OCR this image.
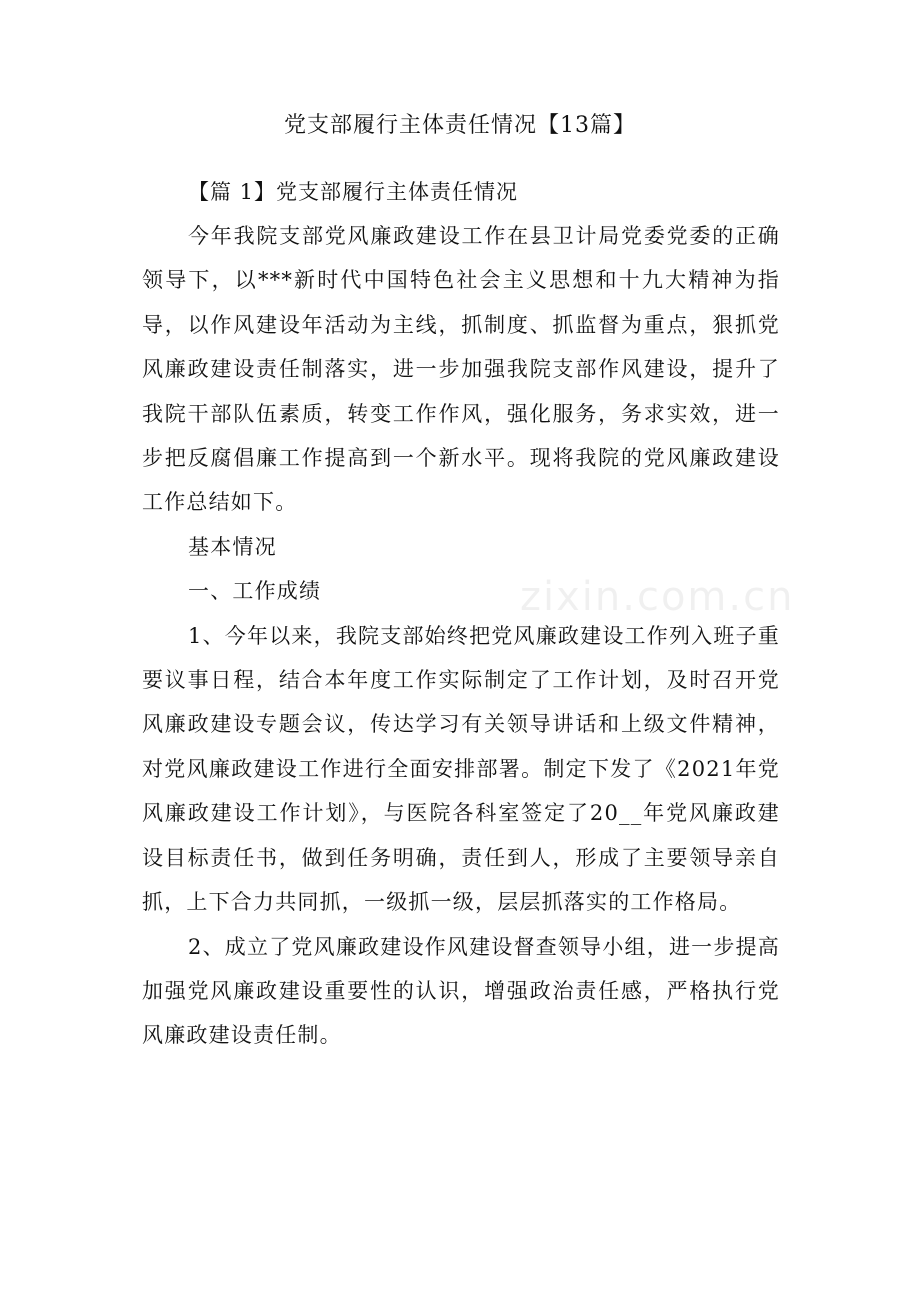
zixin.com.cn
党支部履行主体责任情况【13篇】
【篇 1】党支部履行主体责任情况

今年我院支部党风廉政建设工作在县卫计局党委党委的正确领导下，以***新时代中国特色社会主义思想和十九大精神为指导，以作风建设年活动为主线，抓制度、抓监督为重点，狠抓党风廉政建设责任制落实，进一步加强我院支部作风建设，提升了我院干部队伍素质，转变工作作风，强化服务，务求实效，进一步把反腐倡廉工作提高到一个新水平。现将我院的党风廉政建设工作总结如下。

基本情况

一、工作成绩

1、今年以来，我院支部始终把党风廉政建设工作列入班子重要议事日程，结合本年度工作实际制定了工作计划，及时召开党风廉政建设专题会议，传达学习有关领导讲话和上级文件精神，对党风廉政建设工作进行全面安排部署。制定下发了《2021年党风廉政建设工作计划》，与医院各科室签定了20__年党风廉政建设目标责任书，做到任务明确，责任到人，形成了主要领导亲自抓，上下合力共同抓，一级抓一级，层层抓落实的工作格局。

2、成立了党风廉政建设作风建设督查领导小组，进一步提高加强党风廉政建设重要性的认识，增强政治责任感，严格执行党风廉政建设责任制。
